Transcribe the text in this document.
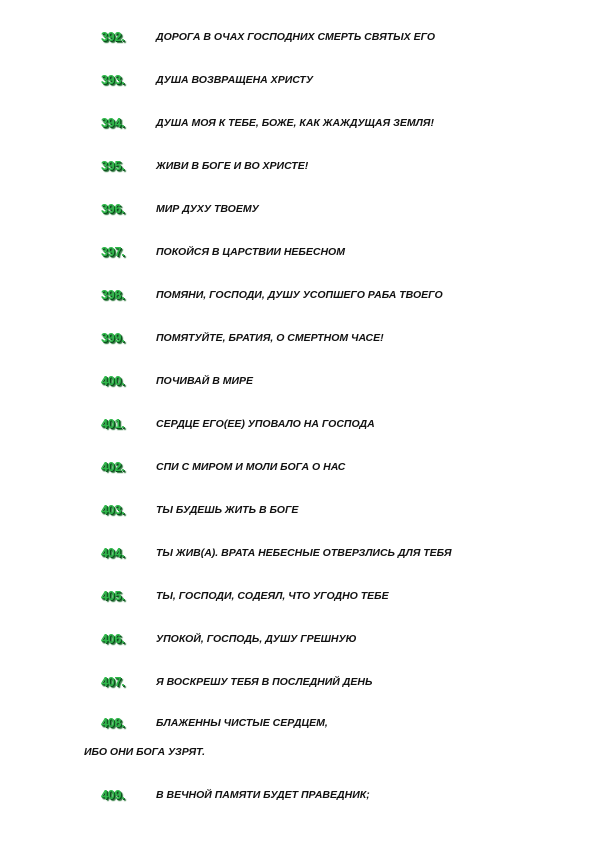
392.	ДОРОГА В ОЧАХ ГОСПОДНИХ СМЕРТЬ СВЯТЫХ ЕГО
393.	ДУША ВОЗВРАЩЕНА ХРИСТУ
394.	ДУША МОЯ К ТЕБЕ, БОЖЕ, КАК ЖАЖДУЩАЯ ЗЕМЛЯ!
395.	ЖИВИ В БОГЕ И ВО ХРИСТЕ!
396.	МИР ДУХУ ТВОЕМУ
397.	ПОКОЙСЯ В ЦАРСТВИИ НЕБЕСНОМ
398.	ПОМЯНИ, ГОСПОДИ, ДУШУ УСОПШЕГО РАБА ТВОЕГО
399.	ПОМЯТУЙТЕ, БРАТИЯ, О СМЕРТНОМ ЧАСЕ!
400.	ПОЧИВАЙ В МИРЕ
401.	СЕРДЦЕ ЕГО(ЕЕ) УПОВАЛО НА ГОСПОДА
402.	СПИ С МИРОМ И МОЛИ БОГА О НАС
403.	ТЫ БУДЕШЬ ЖИТЬ В БОГЕ
404.	ТЫ ЖИВ(А). ВРАТА НЕБЕСНЫЕ ОТВЕРЗЛИСЬ ДЛЯ ТЕБЯ
405.	ТЫ, ГОСПОДИ, СОДЕЯЛ, ЧТО УГОДНО ТЕБЕ
406.	УПОКОЙ, ГОСПОДЬ, ДУШУ ГРЕШНУЮ
407.	Я ВОСКРЕШУ ТЕБЯ В ПОСЛЕДНИЙ ДЕНЬ
408.	БЛАЖЕННЫ ЧИСТЫЕ СЕРДЦЕМ,
ИБО ОНИ БОГА УЗРЯТ.
409.	В ВЕЧНОЙ ПАМЯТИ БУДЕТ ПРАВЕДНИК;
